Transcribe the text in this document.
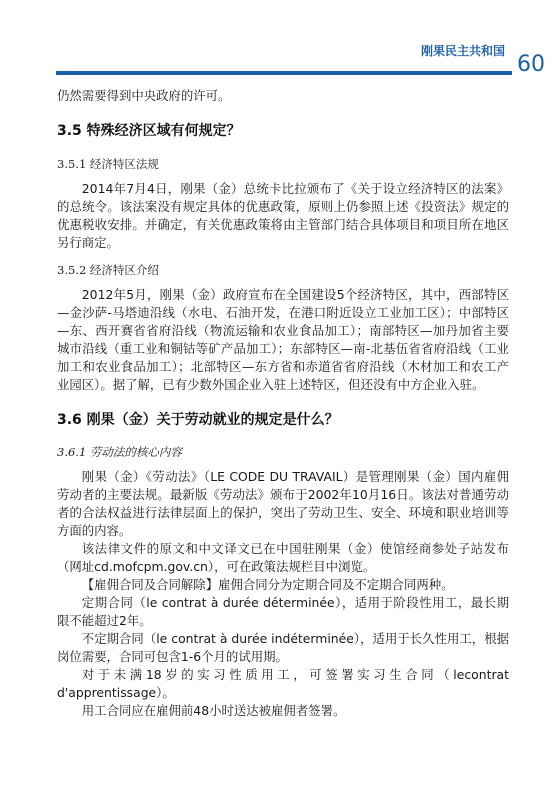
刚果民主共和国
60

仍然需要得到中央政府的许可。

3.5 特殊经济区域有何规定？
3.5.1 经济特区法规

2014年7月4日，刚果（金）总统卡比拉颁布了《关于设立经济特区的法案》的总统令。该法案没有规定具体的优惠政策，原则上仍参照上述《投资法》规定的优惠税收安排。并确定，有关优惠政策将由主管部门结合具体项目和项目所在地区另行商定。

3.5.2 经济特区介绍

2012年5月，刚果（金）政府宣布在全国建设5个经济特区，其中，西部特区—金沙萨-马塔迪沿线（水电、石油开发，在港口附近设立工业加工区）；中部特区—东、西开赛省省府沿线（物流运输和农业食品加工）；南部特区—加丹加省主要城市沿线（重工业和铜钴等矿产品加工）；东部特区—南-北基伍省省府沿线（工业加工和农业食品加工）；北部特区—东方省和赤道省省府沿线（木材加工和农工产业园区）。据了解，已有少数外国企业入驻上述特区，但还没有中方企业入驻。

3.6 刚果（金）关于劳动就业的规定是什么？
3.6.1 劳动法的核心内容

刚果（金）《劳动法》（LE CODE DU TRAVAIL）是管理刚果（金）国内雇佣劳动者的主要法规。最新版《劳动法》颁布于2002年10月16日。该法对普通劳动者的合法权益进行法律层面上的保护，突出了劳动卫生、安全、环境和职业培训等方面的内容。

该法律文件的原文和中文译文已在中国驻刚果（金）使馆经商参处子站发布（网址cd.mofcpm.gov.cn），可在政策法规栏目中浏览。

【雇佣合同及合同解除】雇佣合同分为定期合同及不定期合同两种。

定期合同（le contrat à durée déterminée），适用于阶段性用工，最长期限不能超过2年。

不定期合同（le contrat à durée indéterminée），适用于长久性用工，根据岗位需要，合同可包含1-6个月的试用期。

对于未满18岁的实习性质用工，可签署实习生合同（lecontrat d'apprentissage）。

用工合同应在雇佣前48小时送达被雇佣者签署。
